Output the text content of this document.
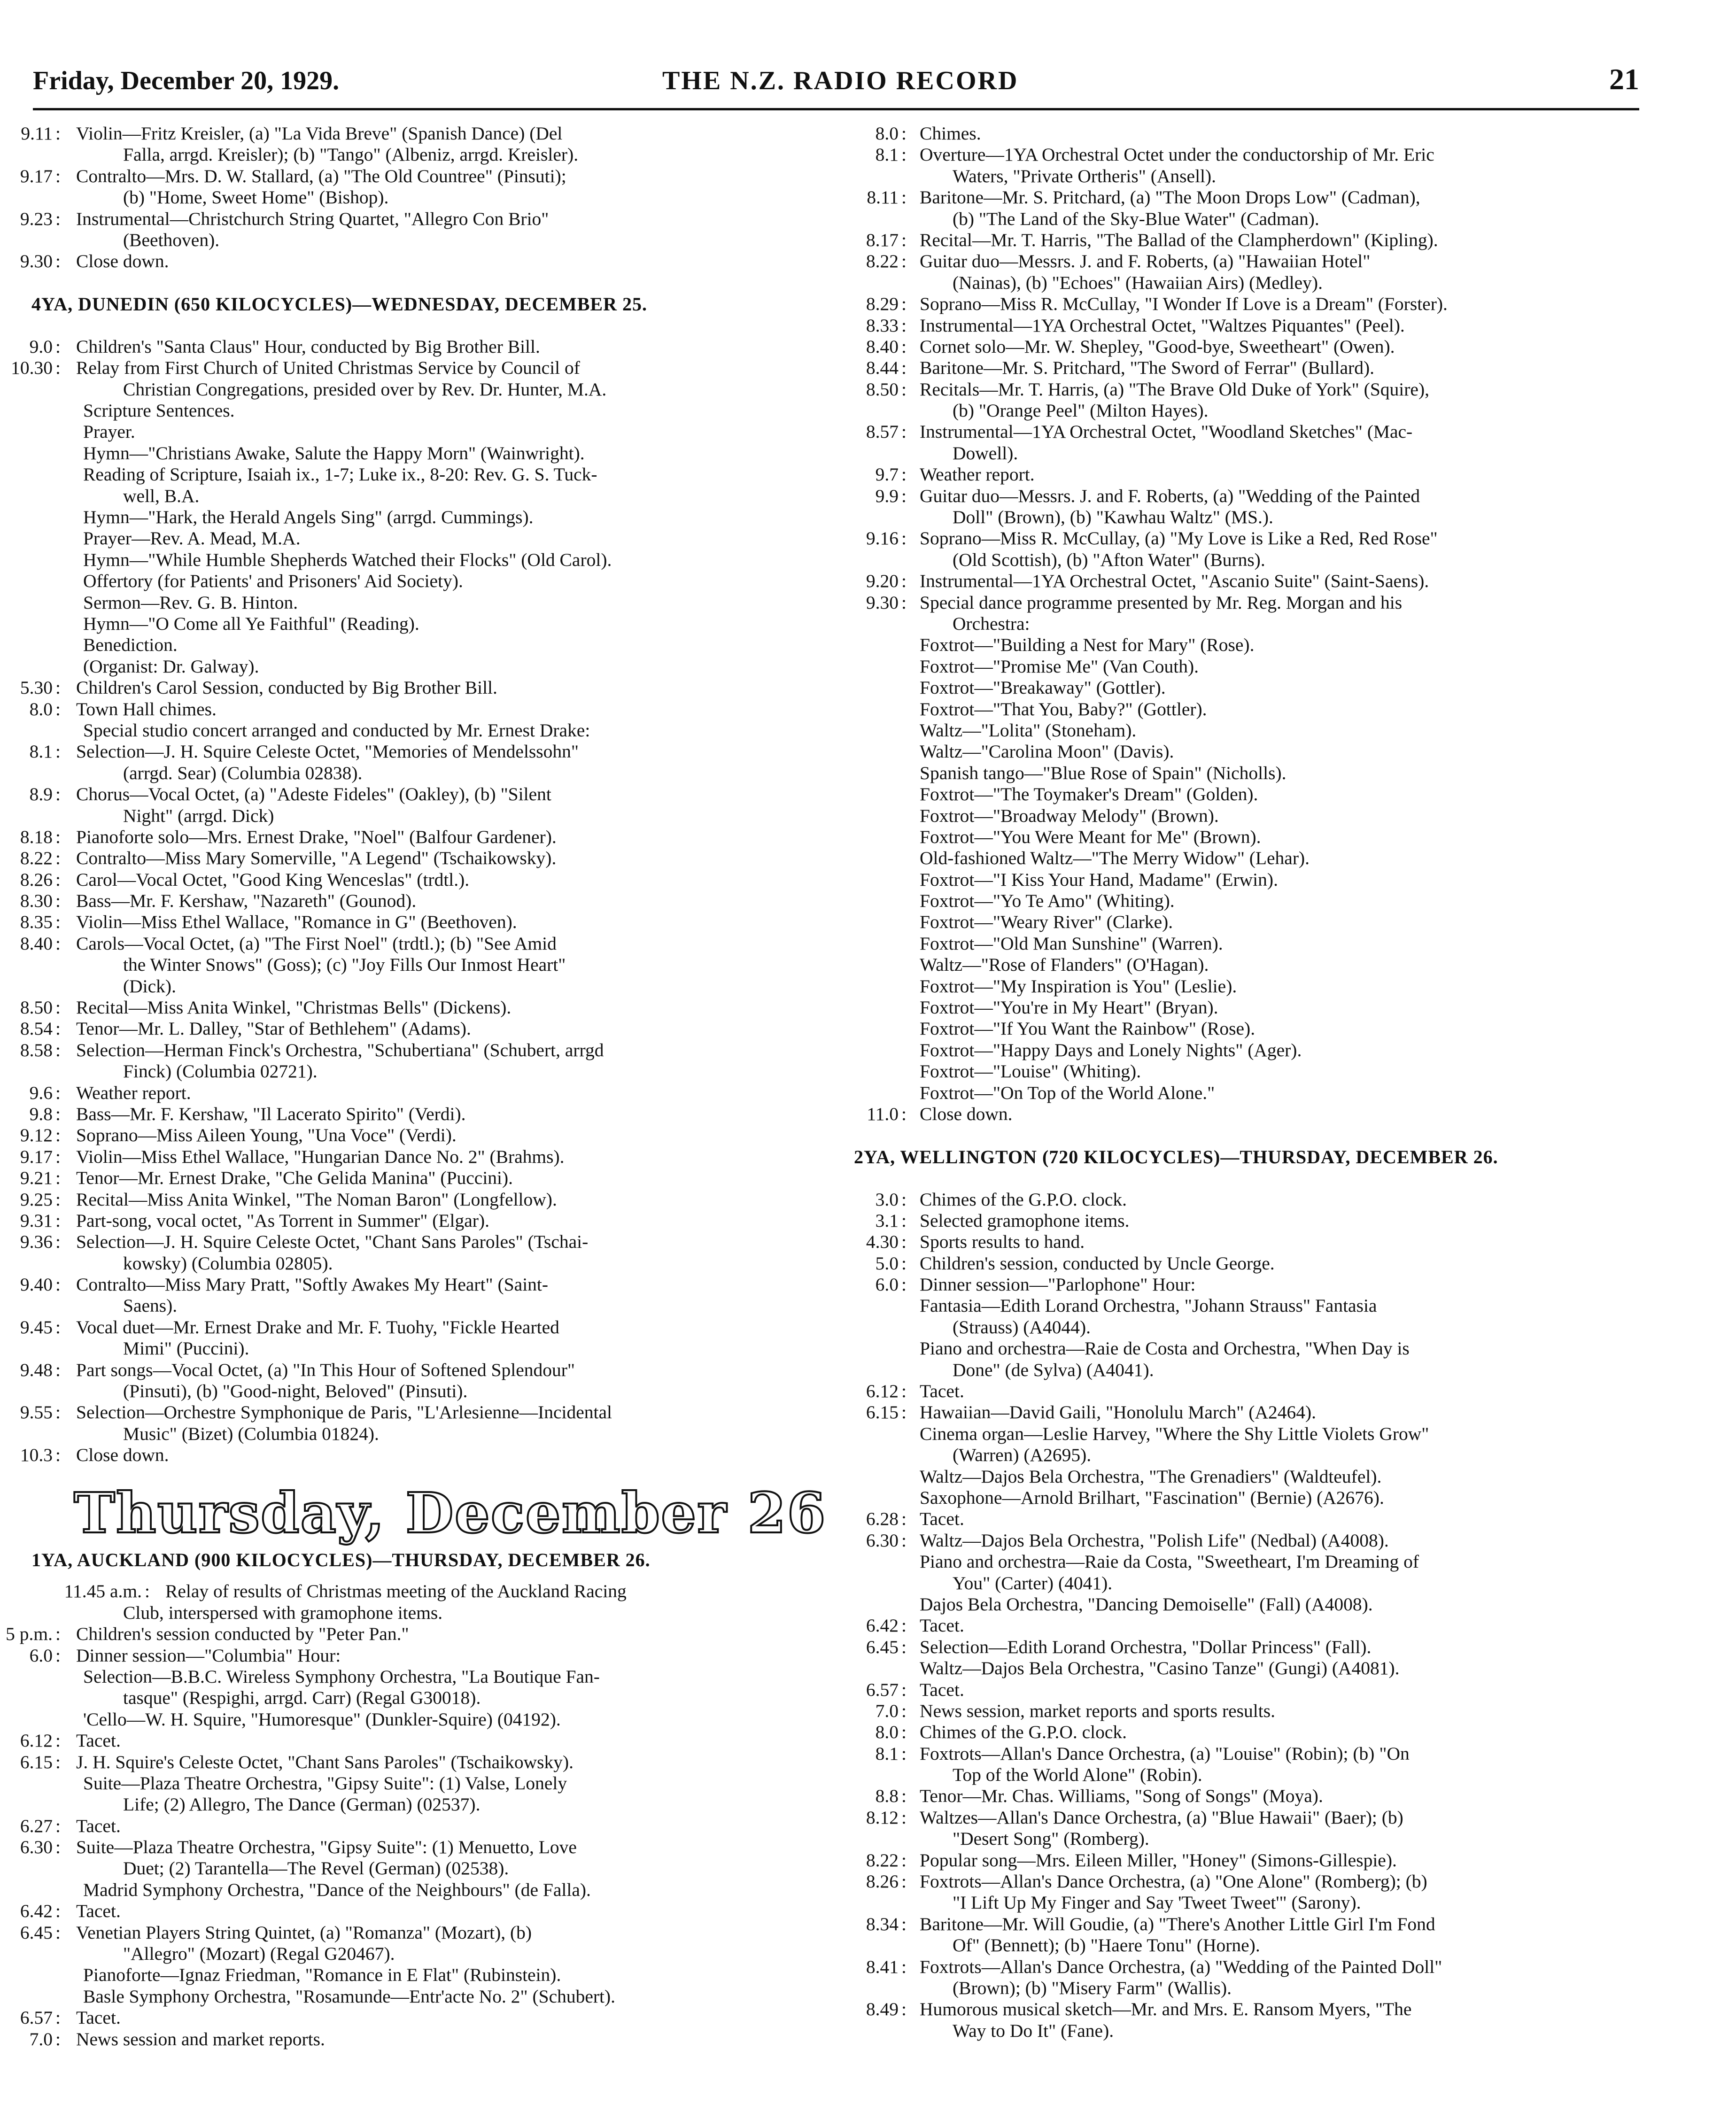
Friday, December 20, 1929.	THE N.Z. RADIO RECORD	21
9.11 : Violin—Fritz Kreisler, (a) "La Vida Breve" (Spanish Dance) (Del
Falla, arrgd. Kreisler); (b) "Tango" (Albeniz, arrgd. Kreisler).
9.17 : Contralto—Mrs. D. W. Stallard, (a) "The Old Countree" (Pinsuti);
(b) "Home, Sweet Home" (Bishop).
9.23 : Instrumental—Christchurch String Quartet, "Allegro Con Brio"
(Beethoven).
9.30 : Close down.
4YA, DUNEDIN (650 KILOCYCLES)—WEDNESDAY, DECEMBER 25.
9.0 : Children's "Santa Claus" Hour, conducted by Big Brother Bill.
10.30 : Relay from First Church of United Christmas Service by Council of
Christian Congregations, presided over by Rev. Dr. Hunter, M.A.
Scripture Sentences.
Prayer.
Hymn—"Christians Awake, Salute the Happy Morn" (Wainwright).
Reading of Scripture, Isaiah ix., 1-7; Luke ix., 8-20: Rev. G. S. Tuck-
well, B.A.
Hymn—"Hark, the Herald Angels Sing" (arrgd. Cummings).
Prayer—Rev. A. Mead, M.A.
Hymn—"While Humble Shepherds Watched their Flocks" (Old Carol).
Offertory (for Patients' and Prisoners' Aid Society).
Sermon—Rev. G. B. Hinton.
Hymn—"O Come all Ye Faithful" (Reading).
Benediction.
(Organist: Dr. Galway).
5.30 : Children's Carol Session, conducted by Big Brother Bill.
8.0 : Town Hall chimes.
Special studio concert arranged and conducted by Mr. Ernest Drake:
8.1 : Selection—J. H. Squire Celeste Octet, "Memories of Mendelssohn"
(arrgd. Sear) (Columbia 02838).
8.9 : Chorus—Vocal Octet, (a) "Adeste Fideles" (Oakley), (b) "Silent
Night" (arrgd. Dick)
8.18 : Pianoforte solo—Mrs. Ernest Drake, "Noel" (Balfour Gardener).
8.22 : Contralto—Miss Mary Somerville, "A Legend" (Tschaikowsky).
8.26 : Carol—Vocal Octet, "Good King Wenceslas" (trdtl.).
8.30 : Bass—Mr. F. Kershaw, "Nazareth" (Gounod).
8.35 : Violin—Miss Ethel Wallace, "Romance in G" (Beethoven).
8.40 : Carols—Vocal Octet, (a) "The First Noel" (trdtl.); (b) "See Amid
the Winter Snows" (Goss); (c) "Joy Fills Our Inmost Heart"
(Dick).
8.50 : Recital—Miss Anita Winkel, "Christmas Bells" (Dickens).
8.54 : Tenor—Mr. L. Dalley, "Star of Bethlehem" (Adams).
8.58 : Selection—Herman Finck's Orchestra, "Schubertiana" (Schubert, arrgd
Finck) (Columbia 02721).
9.6 : Weather report.
9.8 : Bass—Mr. F. Kershaw, "Il Lacerato Spirito" (Verdi).
9.12 : Soprano—Miss Aileen Young, "Una Voce" (Verdi).
9.17 : Violin—Miss Ethel Wallace, "Hungarian Dance No. 2" (Brahms).
9.21 : Tenor—Mr. Ernest Drake, "Che Gelida Manina" (Puccini).
9.25 : Recital—Miss Anita Winkel, "The Noman Baron" (Longfellow).
9.31 : Part-song, vocal octet, "As Torrent in Summer" (Elgar).
9.36 : Selection—J. H. Squire Celeste Octet, "Chant Sans Paroles" (Tschai-
kowsky) (Columbia 02805).
9.40 : Contralto—Miss Mary Pratt, "Softly Awakes My Heart" (Saint-
Saens).
9.45 : Vocal duet—Mr. Ernest Drake and Mr. F. Tuohy, "Fickle Hearted
Mimi" (Puccini).
9.48 : Part songs—Vocal Octet, (a) "In This Hour of Softened Splendour"
(Pinsuti), (b) "Good-night, Beloved" (Pinsuti).
9.55 : Selection—Orchestre Symphonique de Paris, "L'Arlesienne—Incidental
Music" (Bizet) (Columbia 01824).
10.3 : Close down.
Thursday, December 26
1YA, AUCKLAND (900 KILOCYCLES)—THURSDAY, DECEMBER 26.
11.45 a.m. : Relay of results of Christmas meeting of the Auckland Racing
Club, interspersed with gramophone items.
5 p.m. : Children's session conducted by "Peter Pan."
6.0 : Dinner session—"Columbia" Hour:
Selection—B.B.C. Wireless Symphony Orchestra, "La Boutique Fan-
tasque" (Respighi, arrgd. Carr) (Regal G30018).
'Cello—W. H. Squire, "Humoresque" (Dunkler-Squire) (04192).
6.12 : Tacet.
6.15 : J. H. Squire's Celeste Octet, "Chant Sans Paroles" (Tschaikowsky).
Suite—Plaza Theatre Orchestra, "Gipsy Suite": (1) Valse, Lonely
Life; (2) Allegro, The Dance (German) (02537).
6.27 : Tacet.
6.30 : Suite—Plaza Theatre Orchestra, "Gipsy Suite": (1) Menuetto, Love
Duet; (2) Tarantella—The Revel (German) (02538).
Madrid Symphony Orchestra, "Dance of the Neighbours" (de Falla).
6.42 : Tacet.
6.45 : Venetian Players String Quintet, (a) "Romanza" (Mozart), (b)
"Allegro" (Mozart) (Regal G20467).
Pianoforte—Ignaz Friedman, "Romance in E Flat" (Rubinstein).
Basle Symphony Orchestra, "Rosamunde—Entr'acte No. 2" (Schubert).
6.57 : Tacet.
7.0 : News session and market reports.
8.0 : Chimes.
8.1 : Overture—1YA Orchestral Octet under the conductorship of Mr. Eric
Waters, "Private Ortheris" (Ansell).
8.11 : Baritone—Mr. S. Pritchard, (a) "The Moon Drops Low" (Cadman),
(b) "The Land of the Sky-Blue Water" (Cadman).
8.17 : Recital—Mr. T. Harris, "The Ballad of the Clampherdown" (Kipling).
8.22 : Guitar duo—Messrs. J. and F. Roberts, (a) "Hawaiian Hotel"
(Nainas), (b) "Echoes" (Hawaiian Airs) (Medley).
8.29 : Soprano—Miss R. McCullay, "I Wonder If Love is a Dream" (Forster).
8.33 : Instrumental—1YA Orchestral Octet, "Waltzes Piquantes" (Peel).
8.40 : Cornet solo—Mr. W. Shepley, "Good-bye, Sweetheart" (Owen).
8.44 : Baritone—Mr. S. Pritchard, "The Sword of Ferrar" (Bullard).
8.50 : Recitals—Mr. T. Harris, (a) "The Brave Old Duke of York" (Squire),
(b) "Orange Peel" (Milton Hayes).
8.57 : Instrumental—1YA Orchestral Octet, "Woodland Sketches" (Mac-
Dowell).
9.7 : Weather report.
9.9 : Guitar duo—Messrs. J. and F. Roberts, (a) "Wedding of the Painted
Doll" (Brown), (b) "Kawhau Waltz" (MS.).
9.16 : Soprano—Miss R. McCullay, (a) "My Love is Like a Red, Red Rose"
(Old Scottish), (b) "Afton Water" (Burns).
9.20 : Instrumental—1YA Orchestral Octet, "Ascanio Suite" (Saint-Saens).
9.30 : Special dance programme presented by Mr. Reg. Morgan and his
Orchestra:
Foxtrot—"Building a Nest for Mary" (Rose).
Foxtrot—"Promise Me" (Van Couth).
Foxtrot—"Breakaway" (Gottler).
Foxtrot—"That You, Baby?" (Gottler).
Waltz—"Lolita" (Stoneham).
Waltz—"Carolina Moon" (Davis).
Spanish tango—"Blue Rose of Spain" (Nicholls).
Foxtrot—"The Toymaker's Dream" (Golden).
Foxtrot—"Broadway Melody" (Brown).
Foxtrot—"You Were Meant for Me" (Brown).
Old-fashioned Waltz—"The Merry Widow" (Lehar).
Foxtrot—"I Kiss Your Hand, Madame" (Erwin).
Foxtrot—"Yo Te Amo" (Whiting).
Foxtrot—"Weary River" (Clarke).
Foxtrot—"Old Man Sunshine" (Warren).
Waltz—"Rose of Flanders" (O'Hagan).
Foxtrot—"My Inspiration is You" (Leslie).
Foxtrot—"You're in My Heart" (Bryan).
Foxtrot—"If You Want the Rainbow" (Rose).
Foxtrot—"Happy Days and Lonely Nights" (Ager).
Foxtrot—"Louise" (Whiting).
Foxtrot—"On Top of the World Alone."
11.0 : Close down.
2YA, WELLINGTON (720 KILOCYCLES)—THURSDAY, DECEMBER 26.
3.0 : Chimes of the G.P.O. clock.
3.1 : Selected gramophone items.
4.30 : Sports results to hand.
5.0 : Children's session, conducted by Uncle George.
6.0 : Dinner session—"Parlophone" Hour:
Fantasia—Edith Lorand Orchestra, "Johann Strauss" Fantasia
(Strauss) (A4044).
Piano and orchestra—Raie de Costa and Orchestra, "When Day is
Done" (de Sylva) (A4041).
6.12 : Tacet.
6.15 : Hawaiian—David Gaili, "Honolulu March" (A2464).
Cinema organ—Leslie Harvey, "Where the Shy Little Violets Grow"
(Warren) (A2695).
Waltz—Dajos Bela Orchestra, "The Grenadiers" (Waldteufel).
Saxophone—Arnold Brilhart, "Fascination" (Bernie) (A2676).
6.28 : Tacet.
6.30 : Waltz—Dajos Bela Orchestra, "Polish Life" (Nedbal) (A4008).
Piano and orchestra—Raie da Costa, "Sweetheart, I'm Dreaming of
You" (Carter) (4041).
Dajos Bela Orchestra, "Dancing Demoiselle" (Fall) (A4008).
6.42 : Tacet.
6.45 : Selection—Edith Lorand Orchestra, "Dollar Princess" (Fall).
Waltz—Dajos Bela Orchestra, "Casino Tanze" (Gungi) (A4081).
6.57 : Tacet.
7.0 : News session, market reports and sports results.
8.0 : Chimes of the G.P.O. clock.
8.1 : Foxtrots—Allan's Dance Orchestra, (a) "Louise" (Robin); (b) "On
Top of the World Alone" (Robin).
8.8 : Tenor—Mr. Chas. Williams, "Song of Songs" (Moya).
8.12 : Waltzes—Allan's Dance Orchestra, (a) "Blue Hawaii" (Baer); (b)
"Desert Song" (Romberg).
8.22 : Popular song—Mrs. Eileen Miller, "Honey" (Simons-Gillespie).
8.26 : Foxtrots—Allan's Dance Orchestra, (a) "One Alone" (Romberg); (b)
"I Lift Up My Finger and Say 'Tweet Tweet'" (Sarony).
8.34 : Baritone—Mr. Will Goudie, (a) "There's Another Little Girl I'm Fond
Of" (Bennett); (b) "Haere Tonu" (Horne).
8.41 : Foxtrots—Allan's Dance Orchestra, (a) "Wedding of the Painted Doll"
(Brown); (b) "Misery Farm" (Wallis).
8.49 : Humorous musical sketch—Mr. and Mrs. E. Ransom Myers, "The
Way to Do It" (Fane).
